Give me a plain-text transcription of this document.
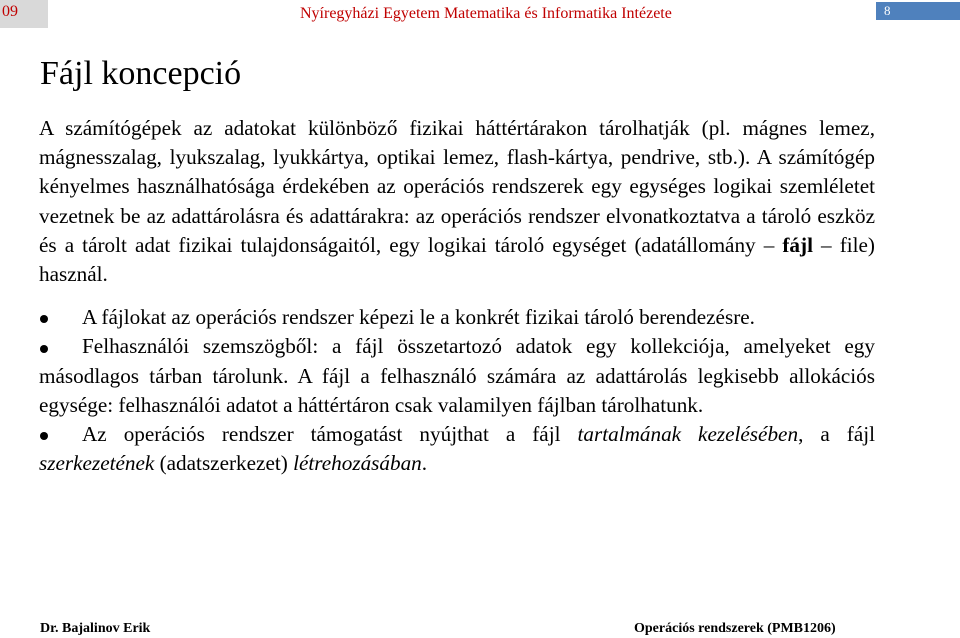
09	Nyíregyházi Egyetem Matematika és Informatika Intézete	8
Fájl koncepció

A számítógépek az adatokat különböző fizikai háttértárakon tárolhatják (pl. mágnes lemez, mágnesszalag, lyukszalag, lyukkártya, optikai lemez, flash-kártya, pendrive, stb.). A számítógép kényelmes használhatósága érdekében az operációs rendszerek egy egységes logikai szemléletet vezetnek be az adattárolásra és adattárakra: az operációs rendszer elvonatkoztatva a tároló eszköz és a tárolt adat fizikai tulajdonságaitól, egy logikai tároló egységet (adatállomány – fájl – file) használ.

A fájlokat az operációs rendszer képezi le a konkrét fizikai tároló berendezésre.

Felhasználói szemszögből: a fájl összetartozó adatok egy kollekciója, amelyeket egy másodlagos tárban tárolunk. A fájl a felhasználó számára az adattárolás legkisebb allokációs egysége: felhasználói adatot a háttértáron csak valamilyen fájlban tárolhatunk.

Az operációs rendszer támogatást nyújthat a fájl tartalmának kezelésében, a fájl szerkezetének (adatszerkezet) létrehozásában.

Dr. Bajalinov Erik	Operációs rendszerek (PMB1206)
